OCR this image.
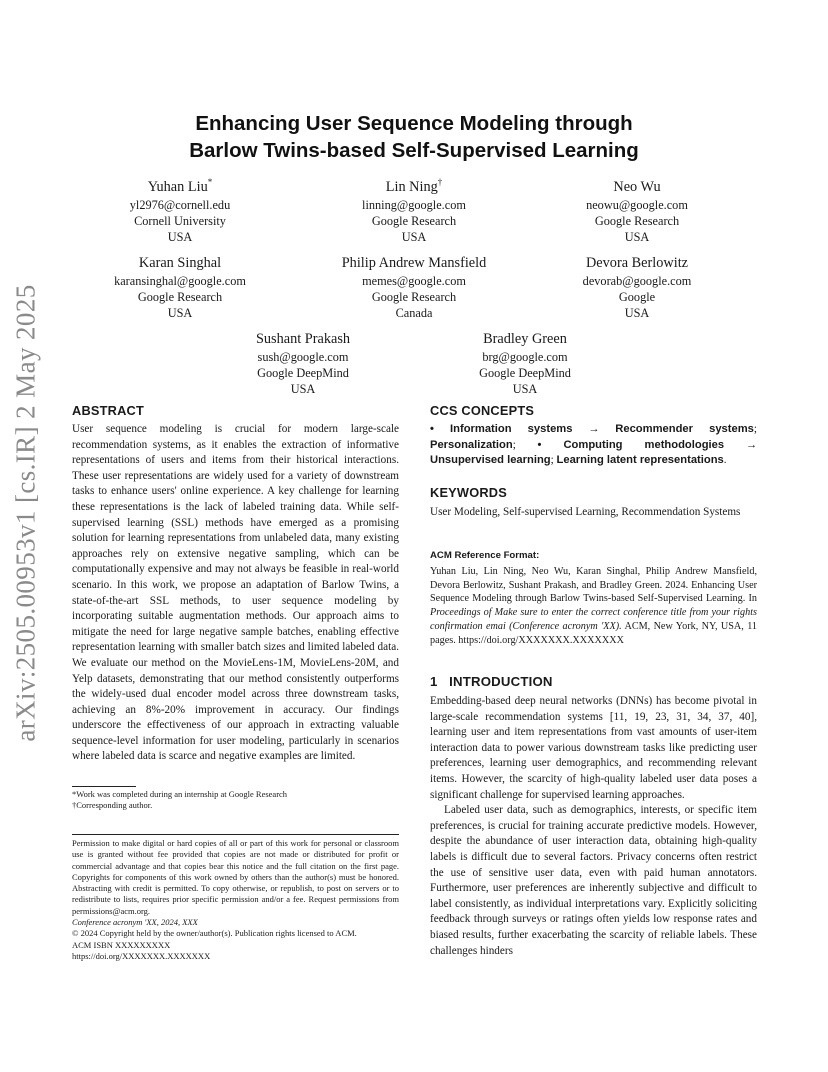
arXiv:2505.00953v1 [cs.IR] 2 May 2025
Enhancing User Sequence Modeling through
Barlow Twins-based Self-Supervised Learning
Yuhan Liu*
yl2976@cornell.edu
Cornell University
USA
Lin Ning†
linning@google.com
Google Research
USA
Neo Wu
neowu@google.com
Google Research
USA
Karan Singhal
karansinghal@google.com
Google Research
USA
Philip Andrew Mansfield
memes@google.com
Google Research
Canada
Devora Berlowitz
devorab@google.com
Google
USA
Sushant Prakash
sush@google.com
Google DeepMind
USA
Bradley Green
brg@google.com
Google DeepMind
USA
ABSTRACT

User sequence modeling is crucial for modern large-scale recommendation systems, as it enables the extraction of informative representations of users and items from their historical interactions. These user representations are widely used for a variety of downstream tasks to enhance users' online experience. A key challenge for learning these representations is the lack of labeled training data. While self-supervised learning (SSL) methods have emerged as a promising solution for learning representations from unlabeled data, many existing approaches rely on extensive negative sampling, which can be computationally expensive and may not always be feasible in real-world scenario. In this work, we propose an adaptation of Barlow Twins, a state-of-the-art SSL methods, to user sequence modeling by incorporating suitable augmentation methods. Our approach aims to mitigate the need for large negative sample batches, enabling effective representation learning with smaller batch sizes and limited labeled data. We evaluate our method on the MovieLens-1M, MovieLens-20M, and Yelp datasets, demonstrating that our method consistently outperforms the widely-used dual encoder model across three downstream tasks, achieving an 8%-20% improvement in accuracy. Our findings underscore the effectiveness of our approach in extracting valuable sequence-level information for user modeling, particularly in scenarios where labeled data is scarce and negative examples are limited.

*Work was completed during an internship at Google Research
†Corresponding author.

Permission to make digital or hard copies of all or part of this work for personal or classroom use is granted without fee provided that copies are not made or distributed for profit or commercial advantage and that copies bear this notice and the full citation on the first page. Copyrights for components of this work owned by others than the author(s) must be honored. Abstracting with credit is permitted. To copy otherwise, or republish, to post on servers or to redistribute to lists, requires prior specific permission and/or a fee. Request permissions from permissions@acm.org.

Conference acronym 'XX, 2024, XXX

© 2024 Copyright held by the owner/author(s). Publication rights licensed to ACM.

ACM ISBN XXXXXXXXX

https://doi.org/XXXXXXX.XXXXXXX

CCS CONCEPTS

• Information systems → Recommender systems; Personalization; • Computing methodologies → Unsupervised learning; Learning latent representations.

KEYWORDS

User Modeling, Self-supervised Learning, Recommendation Systems

ACM Reference Format:

Yuhan Liu, Lin Ning, Neo Wu, Karan Singhal, Philip Andrew Mansfield, Devora Berlowitz, Sushant Prakash, and Bradley Green. 2024. Enhancing User Sequence Modeling through Barlow Twins-based Self-Supervised Learning. In Proceedings of Make sure to enter the correct conference title from your rights confirmation emai (Conference acronym 'XX). ACM, New York, NY, USA, 11 pages. https://doi.org/XXXXXXX.XXXXXXX

1 INTRODUCTION

Embedding-based deep neural networks (DNNs) has become pivotal in large-scale recommendation systems [11, 19, 23, 31, 34, 37, 40], learning user and item representations from vast amounts of user-item interaction data to power various downstream tasks like predicting user preferences, learning user demographics, and recommending relevant items. However, the scarcity of high-quality labeled user data poses a significant challenge for supervised learning approaches.

Labeled user data, such as demographics, interests, or specific item preferences, is crucial for training accurate predictive models. However, despite the abundance of user interaction data, obtaining high-quality labels is difficult due to several factors. Privacy concerns often restrict the use of sensitive user data, even with paid human annotators. Furthermore, user preferences are inherently subjective and difficult to label consistently, as individual interpretations vary. Explicitly soliciting feedback through surveys or ratings often yields low response rates and biased results, further exacerbating the scarcity of reliable labels. These challenges hinders
